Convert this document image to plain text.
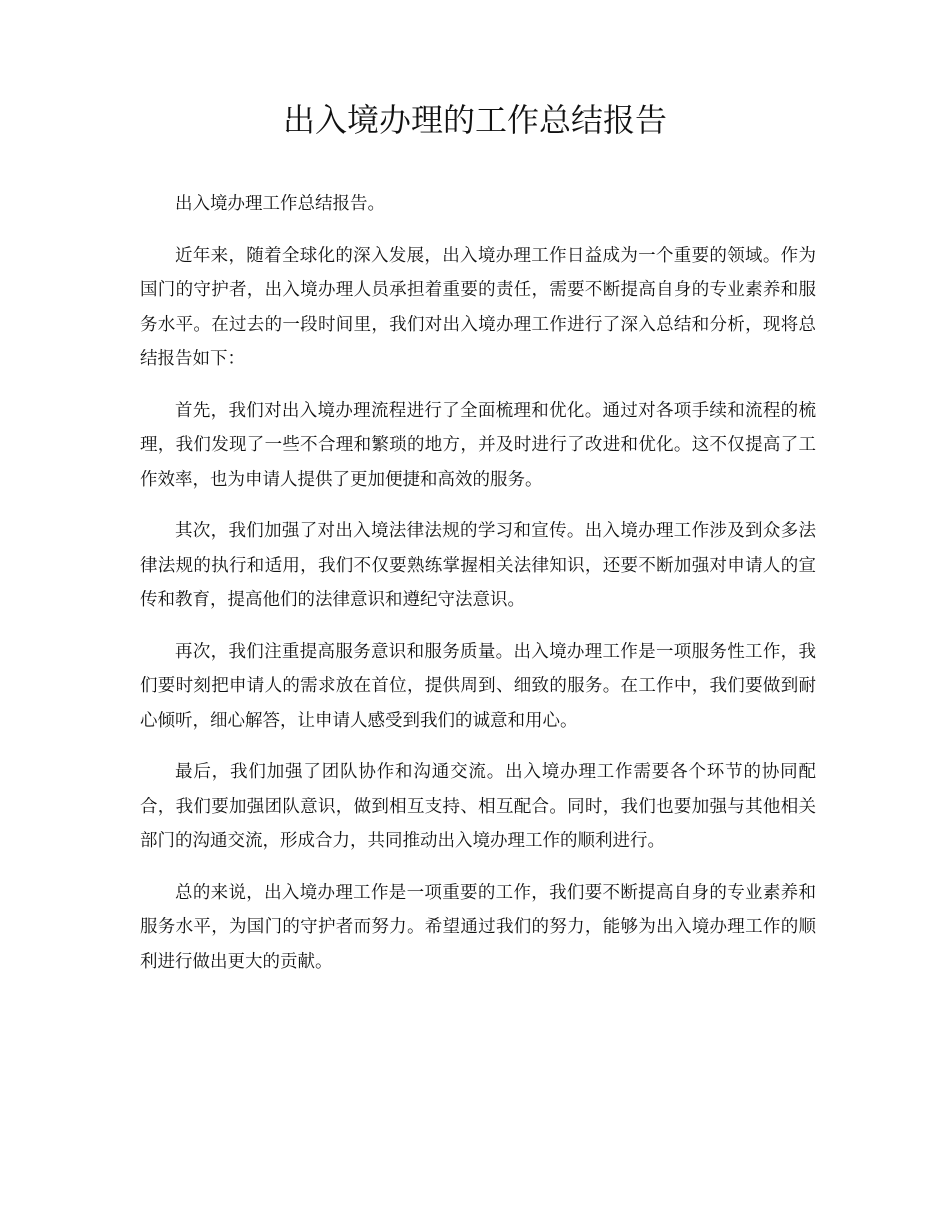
出入境办理的工作总结报告

出入境办理工作总结报告。

近年来，随着全球化的深入发展，出入境办理工作日益成为一个重要的领域。作为国门的守护者，出入境办理人员承担着重要的责任，需要不断提高自身的专业素养和服务水平。在过去的一段时间里，我们对出入境办理工作进行了深入总结和分析，现将总结报告如下：

首先，我们对出入境办理流程进行了全面梳理和优化。通过对各项手续和流程的梳理，我们发现了一些不合理和繁琐的地方，并及时进行了改进和优化。这不仅提高了工作效率，也为申请人提供了更加便捷和高效的服务。

其次，我们加强了对出入境法律法规的学习和宣传。出入境办理工作涉及到众多法律法规的执行和适用，我们不仅要熟练掌握相关法律知识，还要不断加强对申请人的宣传和教育，提高他们的法律意识和遵纪守法意识。

再次，我们注重提高服务意识和服务质量。出入境办理工作是一项服务性工作，我们要时刻把申请人的需求放在首位，提供周到、细致的服务。在工作中，我们要做到耐心倾听，细心解答，让申请人感受到我们的诚意和用心。

最后，我们加强了团队协作和沟通交流。出入境办理工作需要各个环节的协同配合，我们要加强团队意识，做到相互支持、相互配合。同时，我们也要加强与其他相关部门的沟通交流，形成合力，共同推动出入境办理工作的顺利进行。

总的来说，出入境办理工作是一项重要的工作，我们要不断提高自身的专业素养和服务水平，为国门的守护者而努力。希望通过我们的努力，能够为出入境办理工作的顺利进行做出更大的贡献。
